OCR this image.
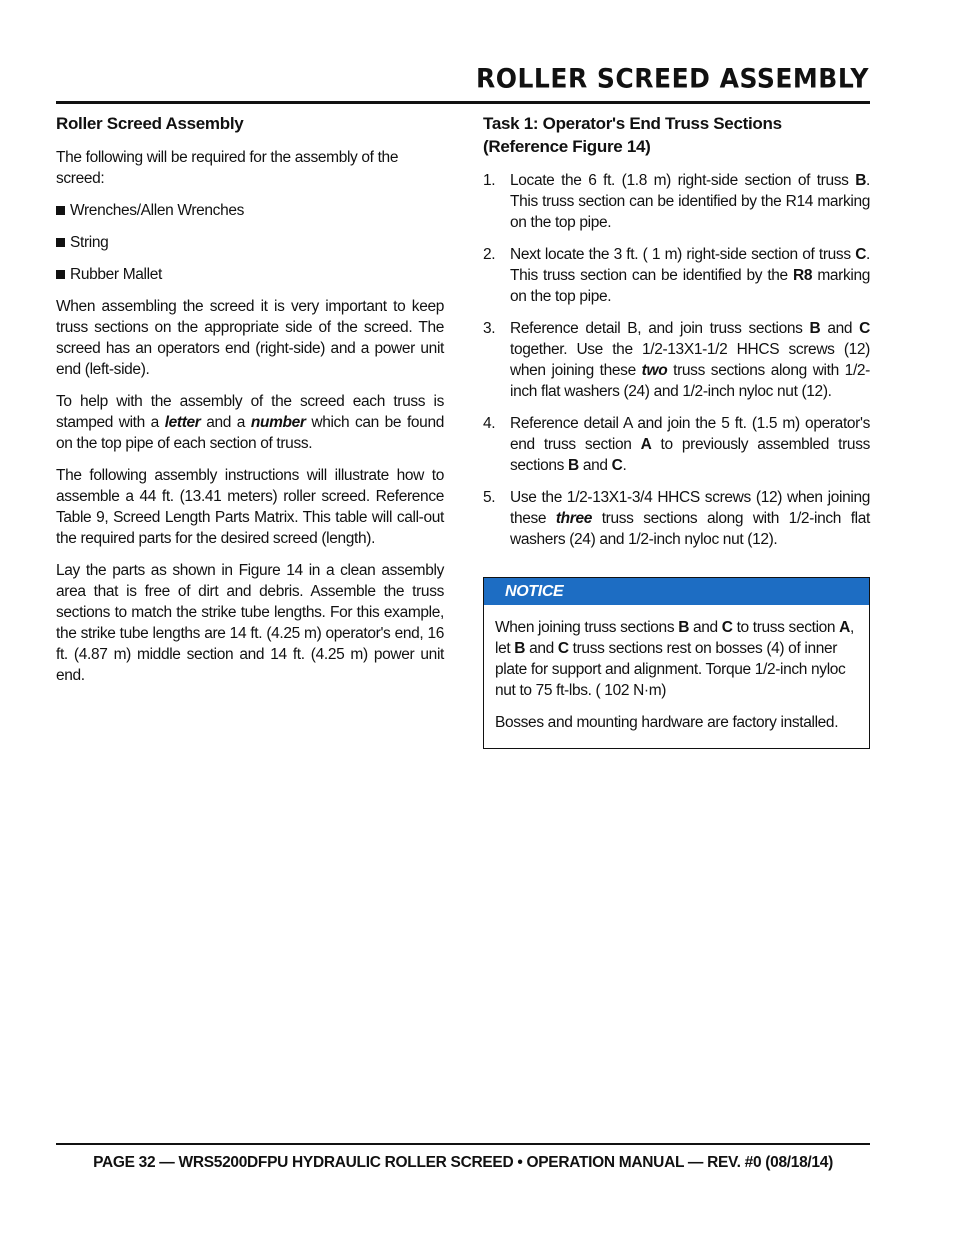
ROLLER SCREED ASSEMBLY
Roller Screed Assembly

The following will be required for the assembly of the screed:

Wrenches/Allen Wrenches
String
Rubber Mallet

When assembling the screed it is very important to keep truss sections on the appropriate side of the screed. The screed has an operators end (right-side) and a power unit end (left-side).

To help with the assembly of the screed each truss is stamped with a letter and a number which can be found on the top pipe of each section of truss.

The following assembly instructions will illustrate how to assemble a 44 ft. (13.41 meters) roller screed. Reference Table 9, Screed Length Parts Matrix. This table will call-out the required parts for the desired screed (length).

Lay the parts as shown in Figure 14 in a clean assembly area that is free of dirt and debris. Assemble the truss sections to match the strike tube lengths. For this example, the strike tube lengths are 14 ft. (4.25 m) operator's end, 16 ft. (4.87 m) middle section and 14 ft. (4.25 m) power unit end.

Task 1: Operator's End Truss Sections (Reference Figure 14)
1. Locate the 6 ft. (1.8 m) right-side section of truss B. This truss section can be identified by the R14 marking on the top pipe.
2. Next locate the 3 ft. ( 1 m) right-side section of truss C. This truss section can be identified by the R8 marking on the top pipe.
3. Reference detail B, and join truss sections B and C together. Use the 1/2-13X1-1/2 HHCS screws (12) when joining these two truss sections along with 1/2-inch flat washers (24) and 1/2-inch nyloc nut (12).
4. Reference detail A and join the 5 ft. (1.5 m) operator's end truss section A to previously assembled truss sections B and C.
5. Use the 1/2-13X1-3/4 HHCS screws (12) when joining these three truss sections along with 1/2-inch flat washers (24) and 1/2-inch nyloc nut (12).
NOTICE

When joining truss sections B and C to truss section A, let B and C truss sections rest on bosses (4) of inner plate for support and alignment. Torque 1/2-inch nyloc nut to 75 ft-lbs. ( 102 N·m)

Bosses and mounting hardware are factory installed.

PAGE 32 — WRS5200DFPU HYDRAULIC ROLLER SCREED • OPERATION MANUAL — REV. #0 (08/18/14)
